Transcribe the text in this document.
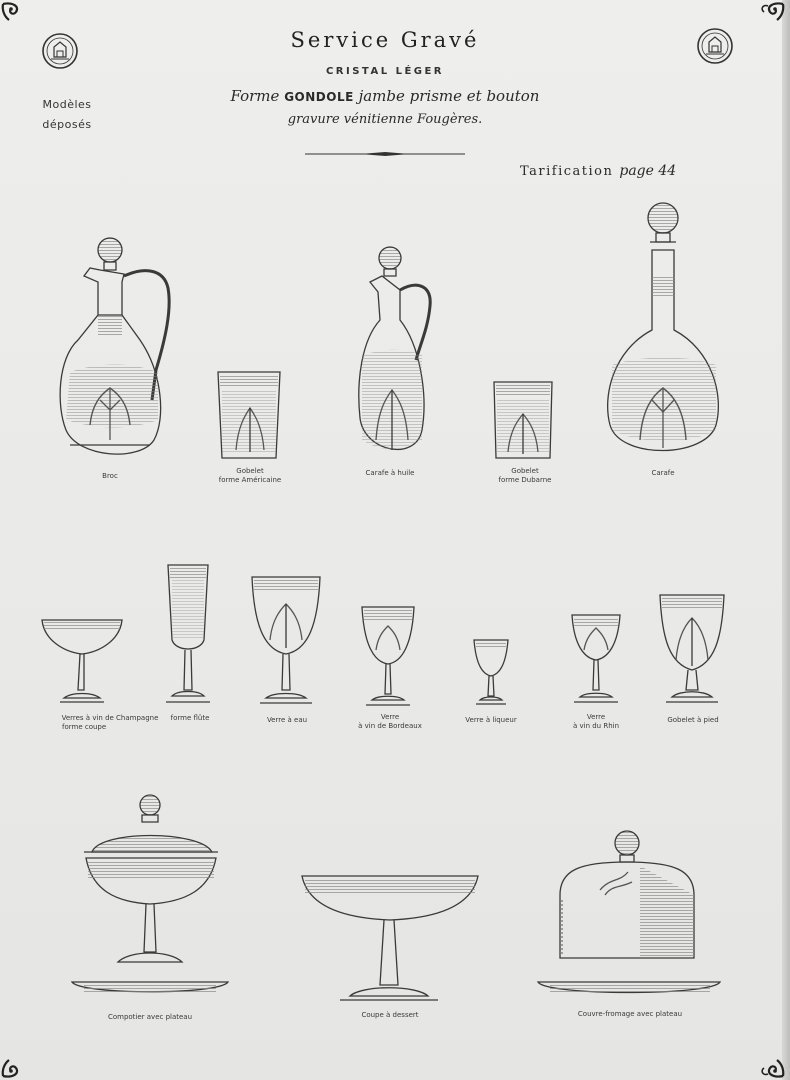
Service Gravé
CRISTAL LÉGER
Forme GONDOLE jambe prisme et bouton
gravure vénitienne Fougères.
Modèles
déposés
Tarification page 44
Broc
Gobelet
forme Américaine
Carafe à huile	Gobelet
forme Dubarne
Carafe
Verres à vin de Champagne
forme coupe
forme flûte	Verre à eau	Verre
à vin de Bordeaux
Verre à liqueur	Verre
à vin du Rhin
Gobelet à pied
Compotier avec plateau	Coupe à dessert	Couvre-fromage avec plateau
